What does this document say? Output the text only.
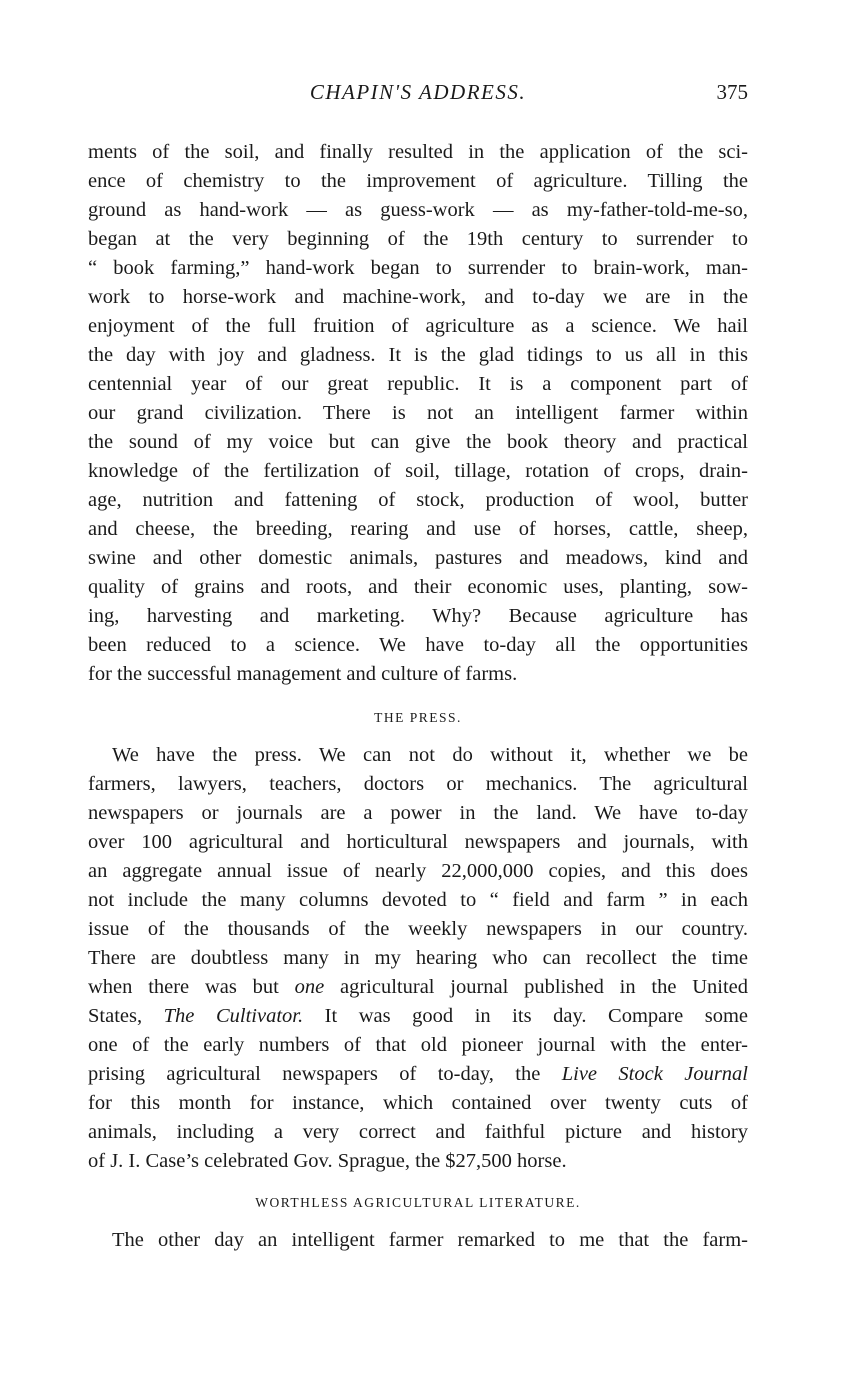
CHAPIN'S ADDRESS.	375
ments of the soil, and finally resulted in the application of the sci-
ence of chemistry to the improvement of agriculture. Tilling the
ground as hand-work — as guess-work — as my-father-told-me-so,
began at the very beginning of the 19th century to surrender to
“ book farming,” hand-work began to surrender to brain-work, man-
work to horse-work and machine-work, and to-day we are in the
enjoyment of the full fruition of agriculture as a science. We hail
the day with joy and gladness. It is the glad tidings to us all in this
centennial year of our great republic. It is a component part of
our grand civilization. There is not an intelligent farmer within
the sound of my voice but can give the book theory and practical
knowledge of the fertilization of soil, tillage, rotation of crops, drain-
age, nutrition and fattening of stock, production of wool, butter
and cheese, the breeding, rearing and use of horses, cattle, sheep,
swine and other domestic animals, pastures and meadows, kind and
quality of grains and roots, and their economic uses, planting, sow-
ing, harvesting and marketing. Why? Because agriculture has
been reduced to a science. We have to-day all the opportunities
for the successful management and culture of farms.
THE PRESS.
We have the press. We can not do without it, whether we be
farmers, lawyers, teachers, doctors or mechanics. The agricultural
newspapers or journals are a power in the land. We have to-day
over 100 agricultural and horticultural newspapers and journals, with
an aggregate annual issue of nearly 22,000,000 copies, and this does
not include the many columns devoted to “ field and farm ” in each
issue of the thousands of the weekly newspapers in our country.
There are doubtless many in my hearing who can recollect the time
when there was but one agricultural journal published in the United
States, The Cultivator. It was good in its day. Compare some
one of the early numbers of that old pioneer journal with the enter-
prising agricultural newspapers of to-day, the Live Stock Journal
for this month for instance, which contained over twenty cuts of
animals, including a very correct and faithful picture and history
of J. I. Case’s celebrated Gov. Sprague, the $27,500 horse.
WORTHLESS AGRICULTURAL LITERATURE.
The other day an intelligent farmer remarked to me that the farm-
